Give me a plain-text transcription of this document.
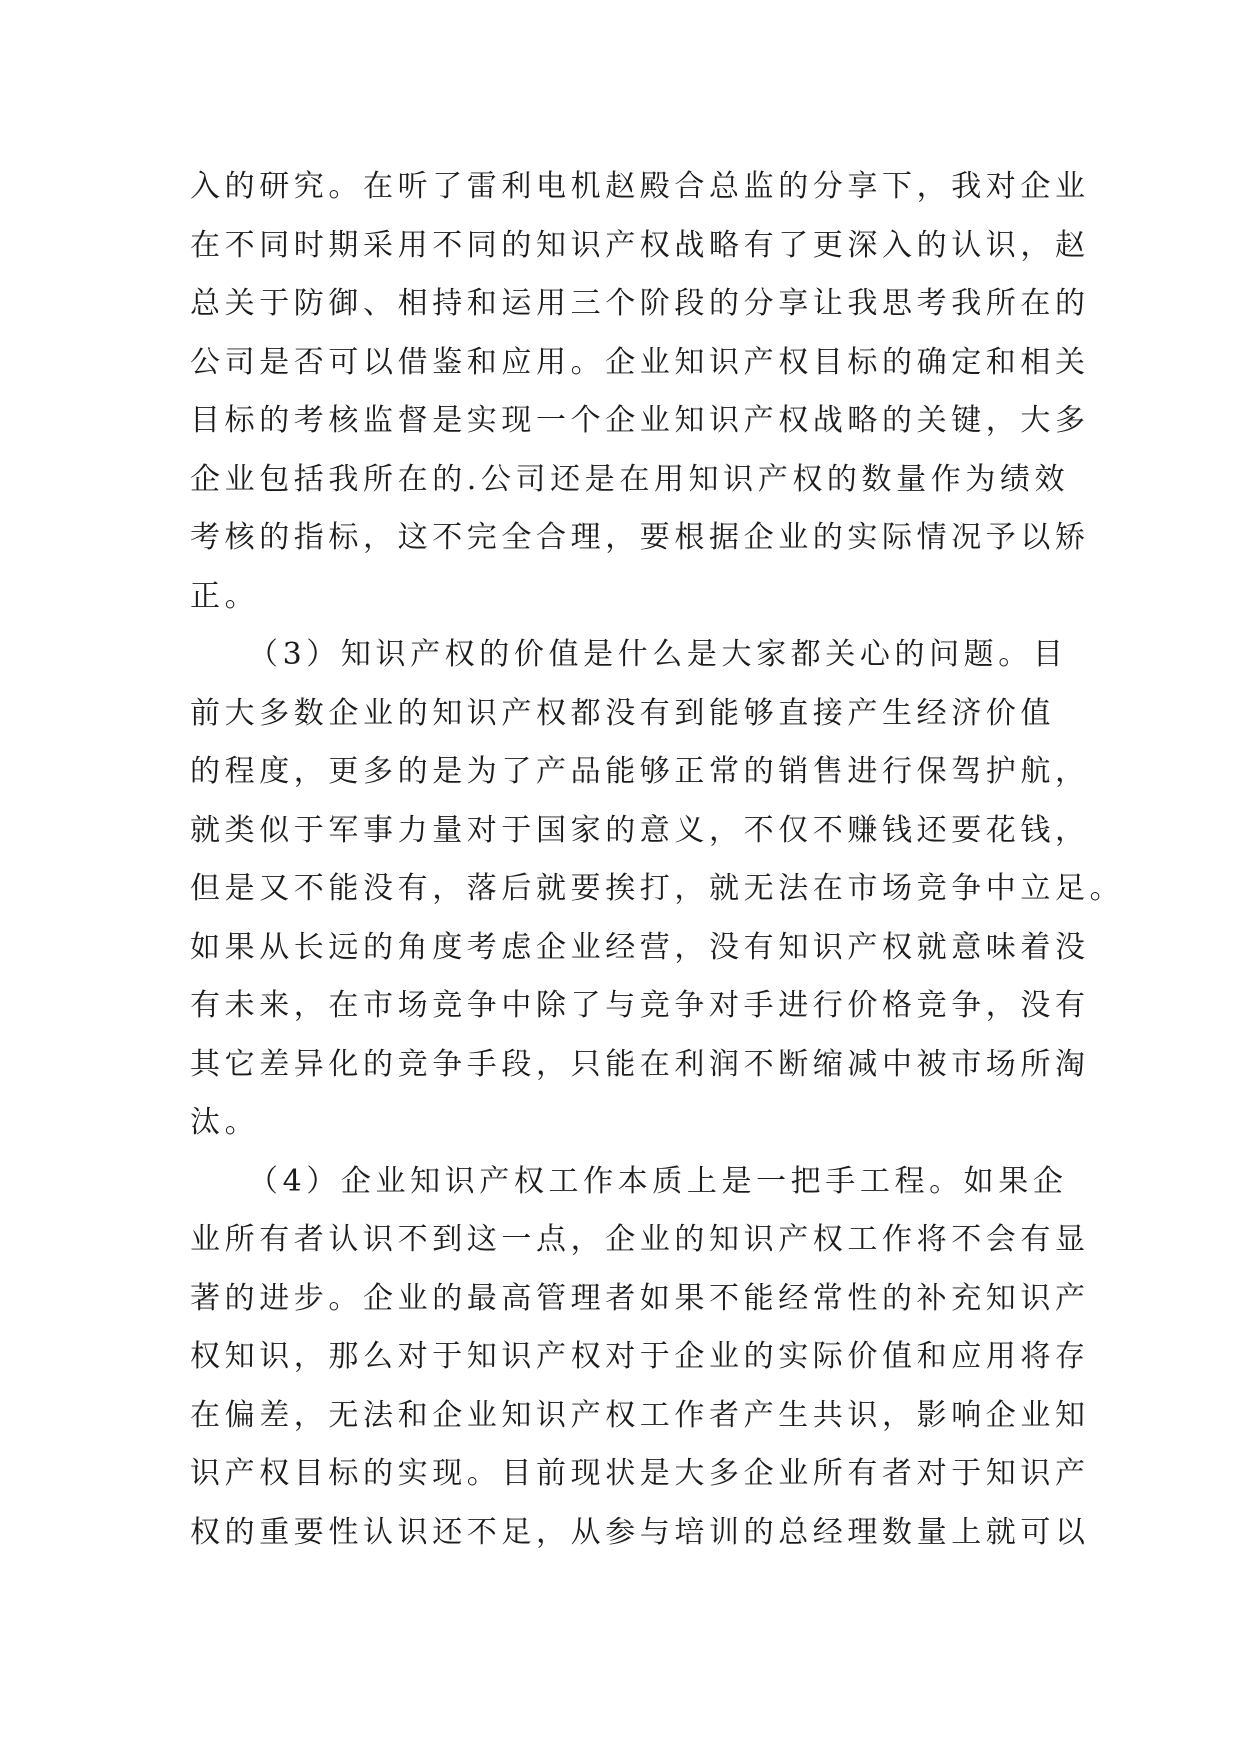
入的研究。在听了雷利电机赵殿合总监的分享下，我对企业
在不同时期采用不同的知识产权战略有了更深入的认识，赵
总关于防御、相持和运用三个阶段的分享让我思考我所在的
公司是否可以借鉴和应用。企业知识产权目标的确定和相关
目标的考核监督是实现一个企业知识产权战略的关键，大多
企业包括我所在的.公司还是在用知识产权的数量作为绩效
考核的指标，这不完全合理，要根据企业的实际情况予以矫
正。
（3）知识产权的价值是什么是大家都关心的问题。目
前大多数企业的知识产权都没有到能够直接产生经济价值
的程度，更多的是为了产品能够正常的销售进行保驾护航，
就类似于军事力量对于国家的意义，不仅不赚钱还要花钱，
但是又不能没有，落后就要挨打，就无法在市场竞争中立足。
如果从长远的角度考虑企业经营，没有知识产权就意味着没
有未来，在市场竞争中除了与竞争对手进行价格竞争，没有
其它差异化的竞争手段，只能在利润不断缩减中被市场所淘
汰。
（4）企业知识产权工作本质上是一把手工程。如果企
业所有者认识不到这一点，企业的知识产权工作将不会有显
著的进步。企业的最高管理者如果不能经常性的补充知识产
权知识，那么对于知识产权对于企业的实际价值和应用将存
在偏差，无法和企业知识产权工作者产生共识，影响企业知
识产权目标的实现。目前现状是大多企业所有者对于知识产
权的重要性认识还不足，从参与培训的总经理数量上就可以
